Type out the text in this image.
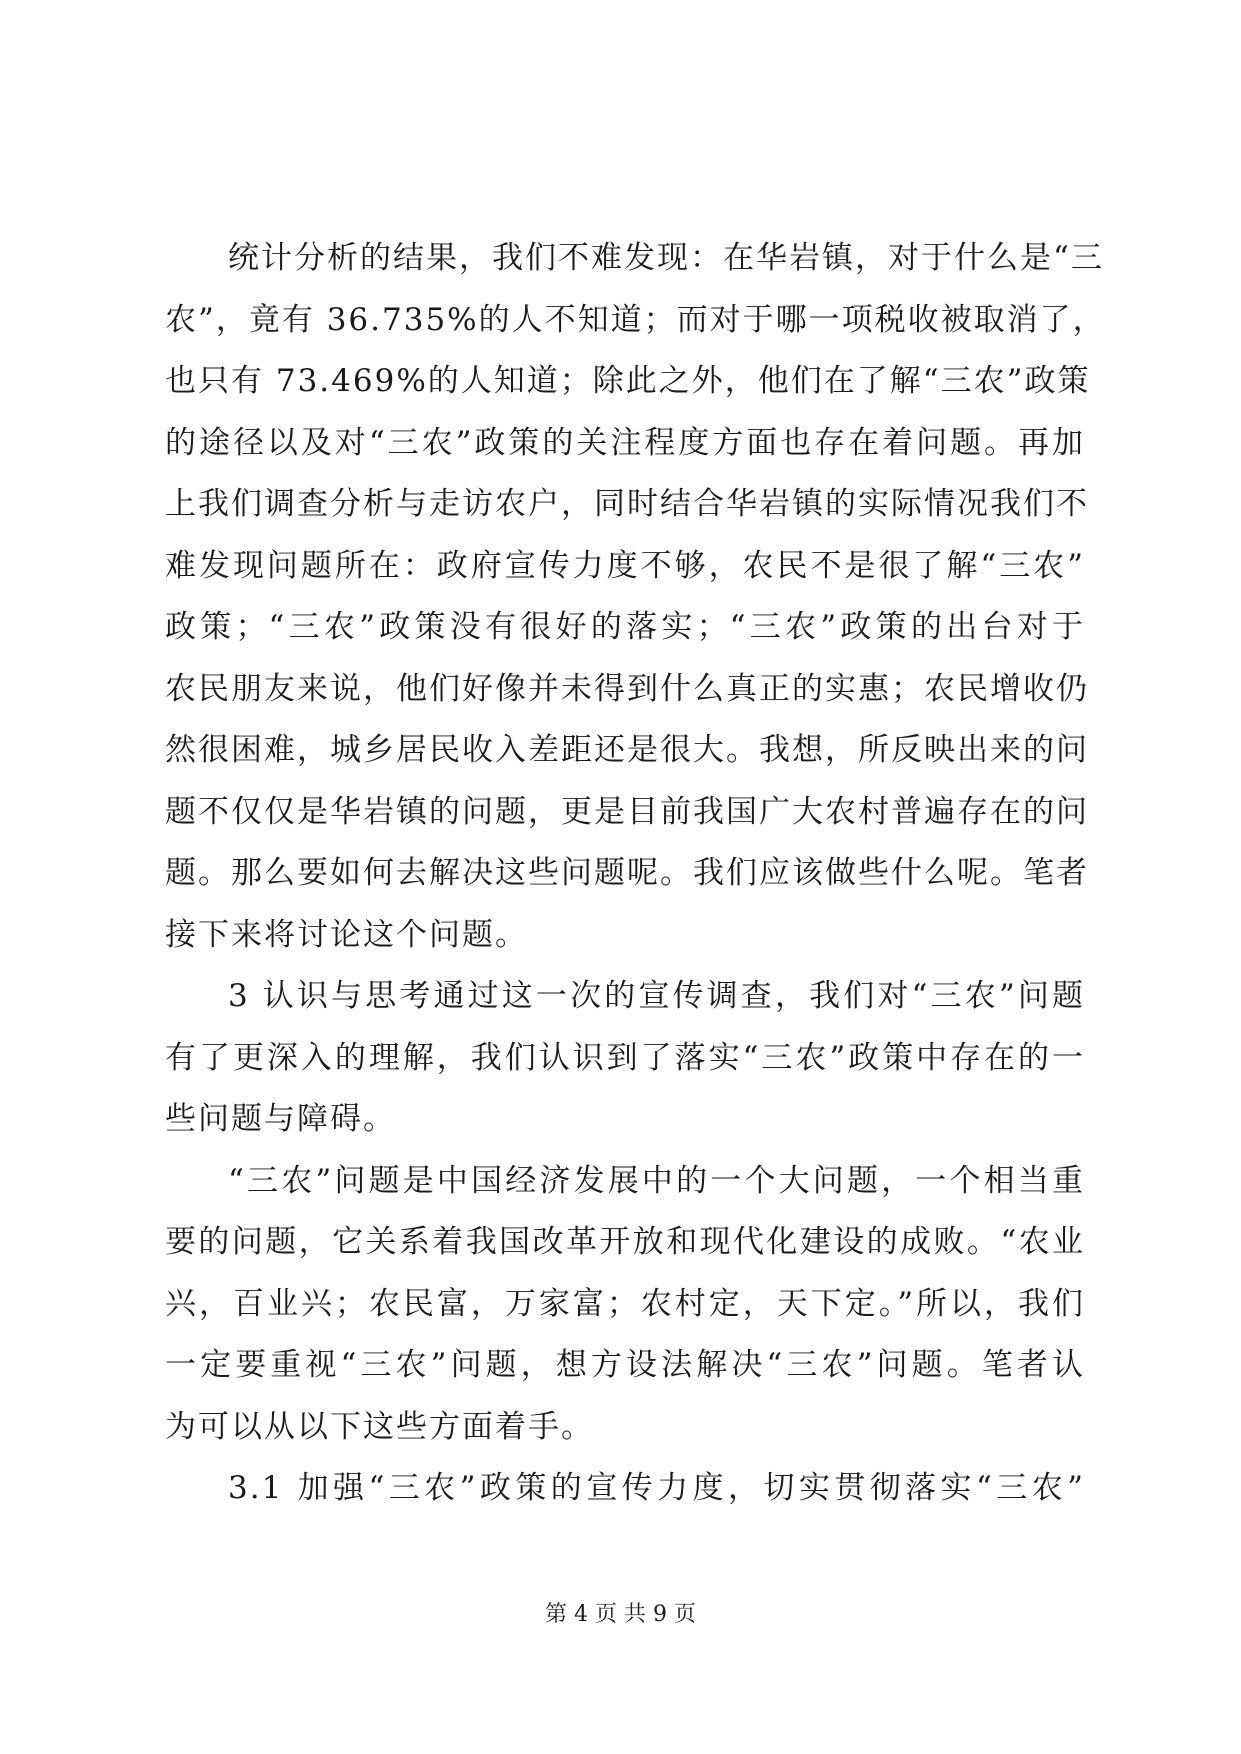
统计分析的结果，我们不难发现：在华岩镇，对于什么是“三
农”，竟有 36.735%的人不知道；而对于哪一项税收被取消了，
也只有 73.469%的人知道；除此之外，他们在了解“三农”政策
的途径以及对“三农”政策的关注程度方面也存在着问题。再加
上我们调查分析与走访农户，同时结合华岩镇的实际情况我们不
难发现问题所在：政府宣传力度不够，农民不是很了解“三农”
政策；“三农”政策没有很好的落实；“三农”政策的出台对于
农民朋友来说，他们好像并未得到什么真正的实惠；农民增收仍
然很困难，城乡居民收入差距还是很大。我想，所反映出来的问
题不仅仅是华岩镇的问题，更是目前我国广大农村普遍存在的问
题。那么要如何去解决这些问题呢。我们应该做些什么呢。笔者
接下来将讨论这个问题。
3 认识与思考通过这一次的宣传调查，我们对“三农”问题
有了更深入的理解，我们认识到了落实“三农”政策中存在的一
些问题与障碍。
“三农”问题是中国经济发展中的一个大问题，一个相当重
要的问题，它关系着我国改革开放和现代化建设的成败。“农业
兴，百业兴；农民富，万家富；农村定，天下定。”所以，我们
一定要重视“三农”问题，想方设法解决“三农”问题。笔者认
为可以从以下这些方面着手。
3.1 加强“三农”政策的宣传力度，切实贯彻落实“三农”
第 4 页 共 9 页
